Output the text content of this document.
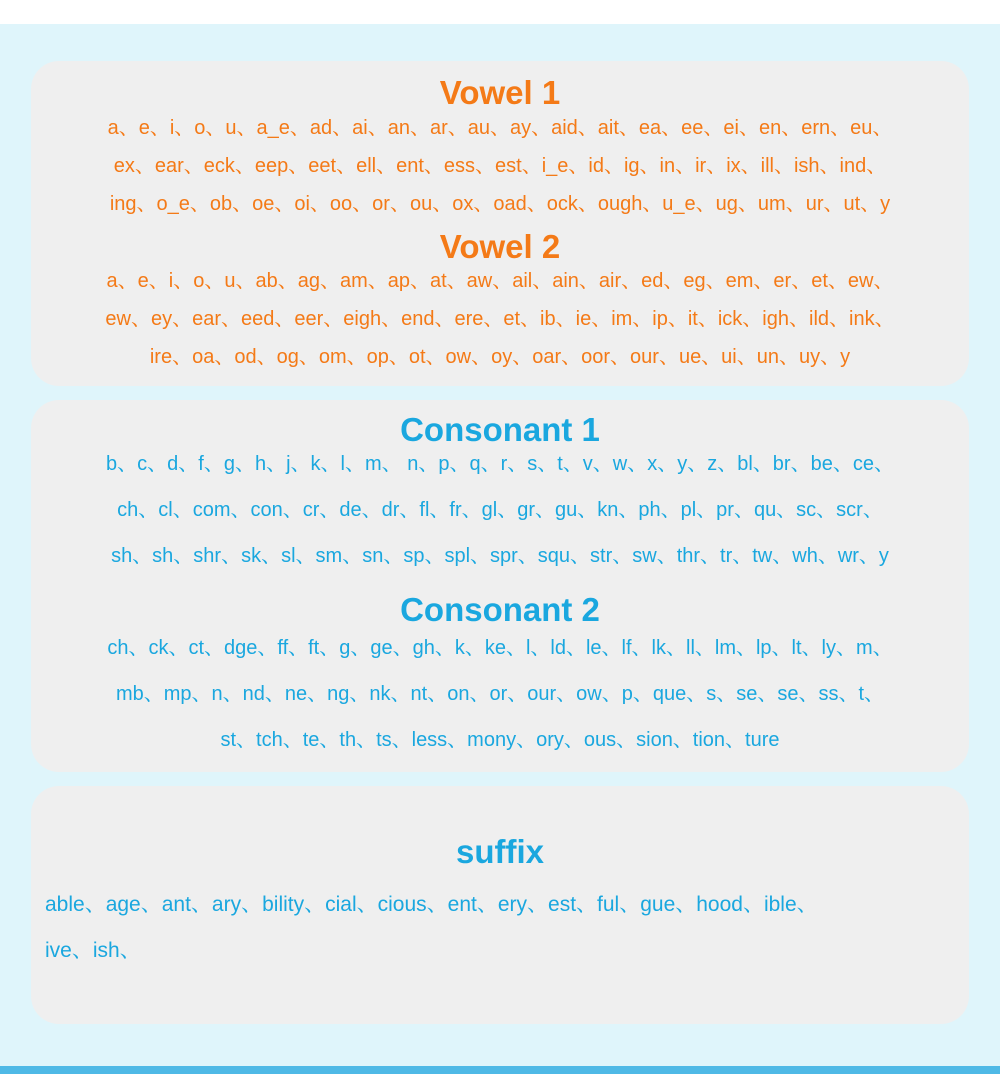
Vowel 1
a、e、i、o、u、a_e、ad、ai、an、ar、au、ay、aid、ait、ea、ee、ei、en、ern、eu、
ex、ear、eck、eep、eet、ell、ent、ess、est、i_e、id、ig、in、ir、ix、ill、ish、ind、
ing、o_e、ob、oe、oi、oo、or、ou、ox、oad、ock、ough、u_e、ug、um、ur、ut、y
Vowel 2
a、e、i、o、u、ab、ag、am、ap、at、aw、ail、ain、air、ed、eg、em、er、et、ew、
ew、ey、ear、eed、eer、eigh、end、ere、et、ib、ie、im、ip、it、ick、igh、ild、ink、
ire、oa、od、og、om、op、ot、ow、oy、oar、oor、our、ue、ui、un、uy、y
Consonant 1
b、c、d、f、g、h、j、k、l、m、 n、p、q、r、s、t、v、w、x、y、z、bl、br、be、ce、
ch、cl、com、con、cr、de、dr、fl、fr、gl、gr、gu、kn、ph、pl、pr、qu、sc、scr、
sh、sh、shr、sk、sl、sm、sn、sp、spl、spr、squ、str、sw、thr、tr、tw、wh、wr、y
Consonant 2
ch、ck、ct、dge、ff、ft、g、ge、gh、k、ke、l、ld、le、lf、lk、ll、lm、lp、lt、ly、m、
mb、mp、n、nd、ne、ng、nk、nt、on、or、our、ow、p、que、s、se、se、ss、t、
st、tch、te、th、ts、less、mony、ory、ous、sion、tion、ture
suffix
able、age、ant、ary、bility、cial、cious、ent、ery、est、ful、gue、hood、ible、
ive、ish、
